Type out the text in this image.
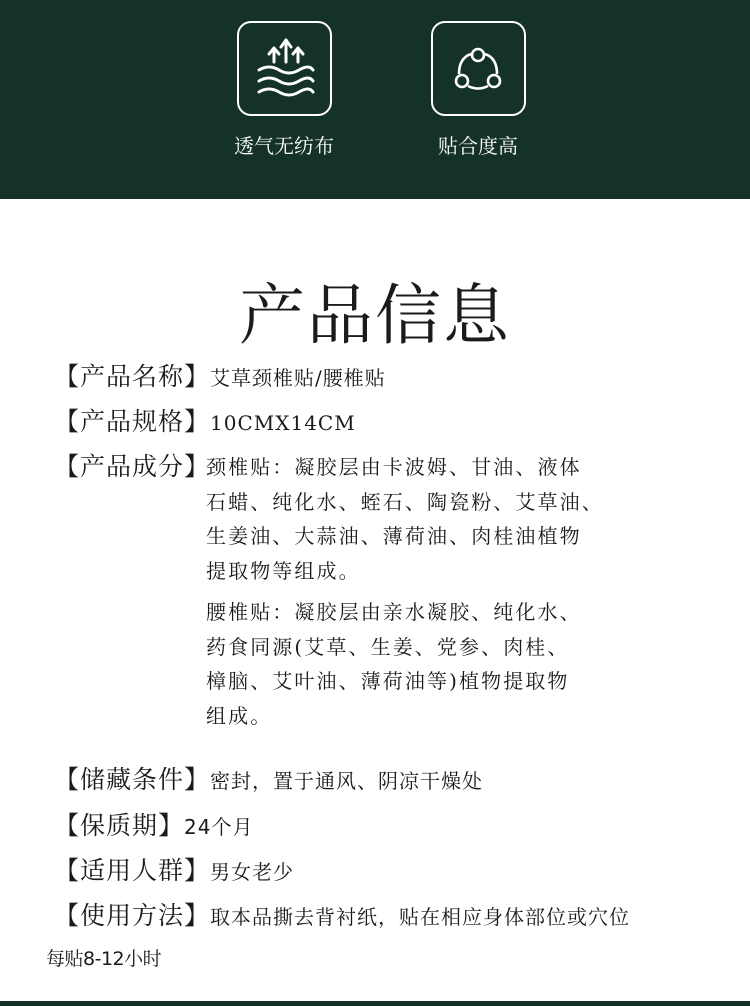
透气无纺布	贴合度高
产品信息
【产品名称】艾草颈椎贴/腰椎贴
【产品规格】10CMX14CM
【产品成分】
颈椎贴：凝胶层由卡波姆、甘油、液体
石蜡、纯化水、蛭石、陶瓷粉、艾草油、
生姜油、大蒜油、薄荷油、肉桂油植物
提取物等组成。
腰椎贴：凝胶层由亲水凝胶、纯化水、
药食同源(艾草、生姜、党参、肉桂、
樟脑、艾叶油、薄荷油等)植物提取物
组成。
【储藏条件】密封，置于通风、阴凉干燥处
【保质期】24个月
【适用人群】男女老少
【使用方法】取本品撕去背衬纸，贴在相应身体部位或穴位
每贴8-12小时
